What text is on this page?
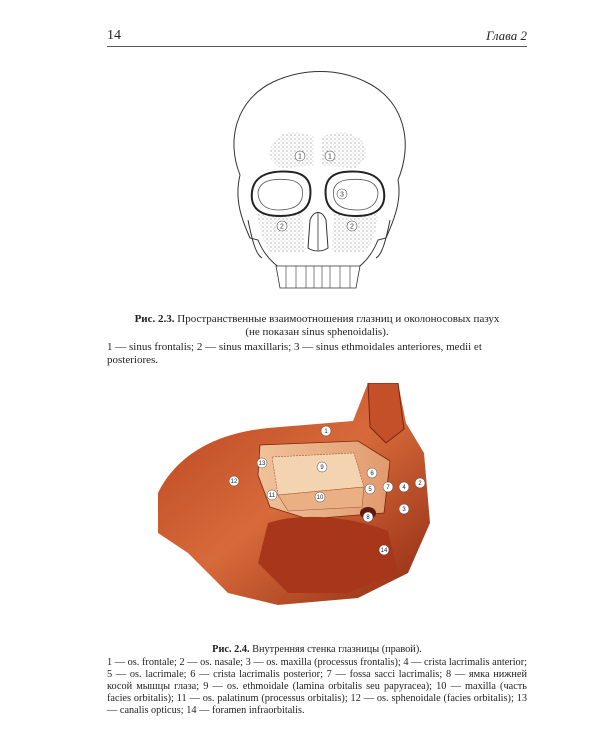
14	Глава 2
1	1
2	2
3
Рис. 2.3. Пространственные взаимоотношения глазниц и околоносовых пазух (не показан sinus sphenoidalis).
1 — sinus frontalis; 2 — sinus maxillaris; 3 — sinus ethmoidales anteriores, medii et posteriores.
1
2
3
4
5
6
7
8
9
10
11
12
13
14
Рис. 2.4. Внутренняя стенка глазницы (правой).
1 — os. frontale; 2 — os. nasale; 3 — os. maxilla (processus frontalis); 4 — crista lacrimalis anterior; 5 — os. lacrimale; 6 — crista lacrimalis posterior; 7 — fossa sacci lacrimalis; 8 — ямка нижней косой мышцы глаза; 9 — os. ethmoidale (lamina orbitalis seu papyracea); 10 — maxilla (часть facies orbitalis); 11 — os. palatinum (processus orbitalis); 12 — os. sphenoidale (facies orbitalis); 13 — canalis opticus; 14 — foramen infraorbitalis.
